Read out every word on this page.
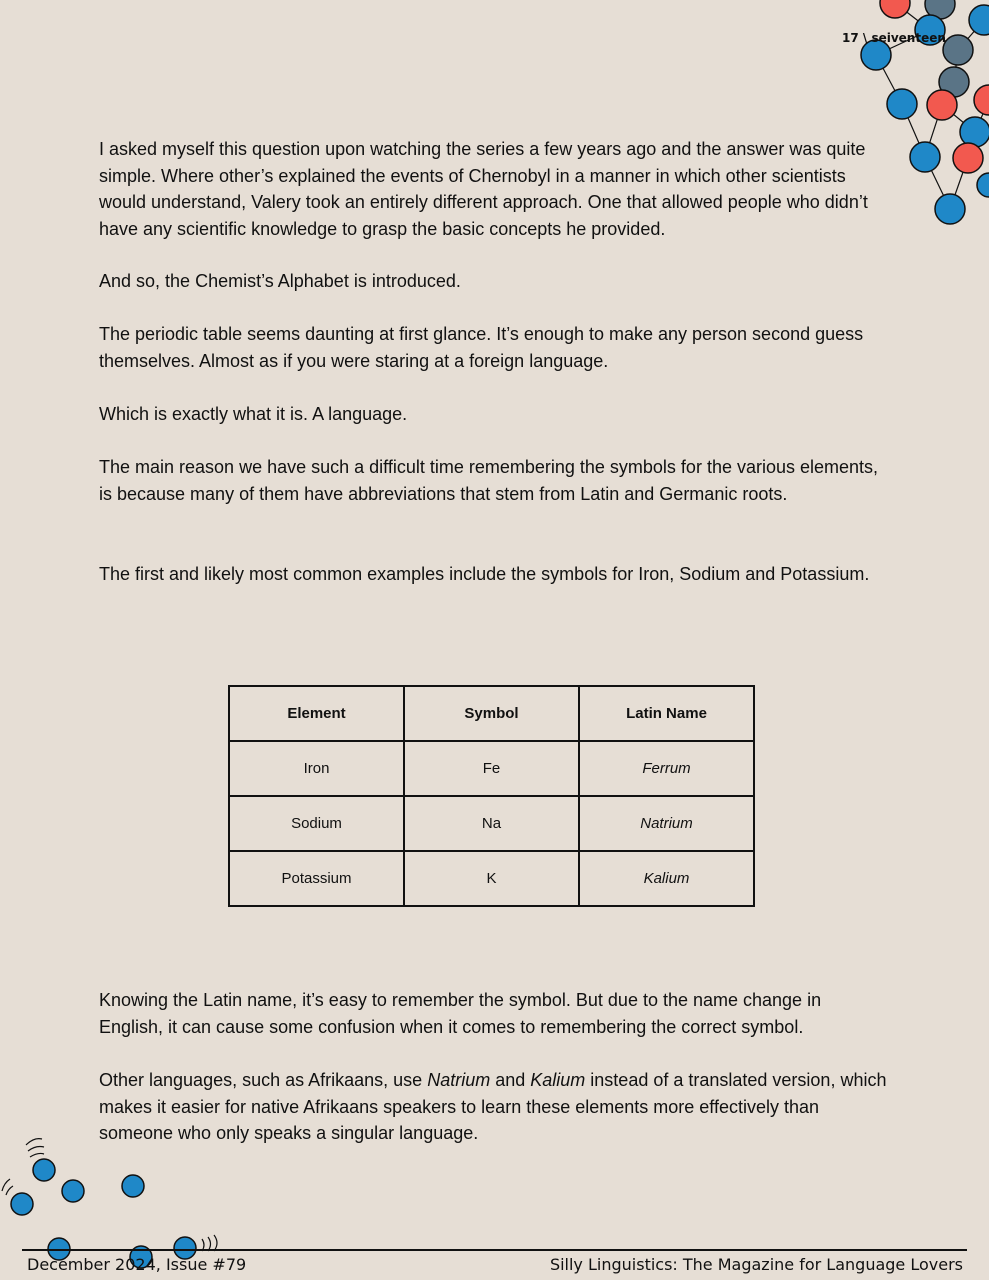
17 \ seiventeen

I asked myself this question upon watching the series a few years ago and the answer was quite simple. Where other’s explained the events of Chernobyl in a manner in which other scientists would understand, Valery took an entirely different approach. One that allowed people who didn’t have any scientific knowledge to grasp the basic concepts he provided.

And so, the Chemist’s Alphabet is introduced.

The periodic table seems daunting at first glance. It’s enough to make any person second guess themselves. Almost as if you were staring at a foreign language.

Which is exactly what it is. A language.

The main reason we have such a difficult time remembering the symbols for the various elements, is because many of them have abbreviations that stem from Latin and Germanic roots.

The first and likely most common examples include the symbols for Iron, Sodium and Potassium.

Element	Symbol	Latin Name
Iron	Fe	Ferrum
Sodium	Na	Natrium
Potassium	K	Kalium

Knowing the Latin name, it’s easy to remember the symbol. But due to the name change in English, it can cause some confusion when it comes to remembering the correct symbol.

Other languages, such as Afrikaans, use Natrium and Kalium instead of a translated version, which makes it easier for native Afrikaans speakers to learn these elements more effectively than someone who only speaks a singular language.

December 2024, Issue #79	Silly Linguistics: The Magazine for Language Lovers
